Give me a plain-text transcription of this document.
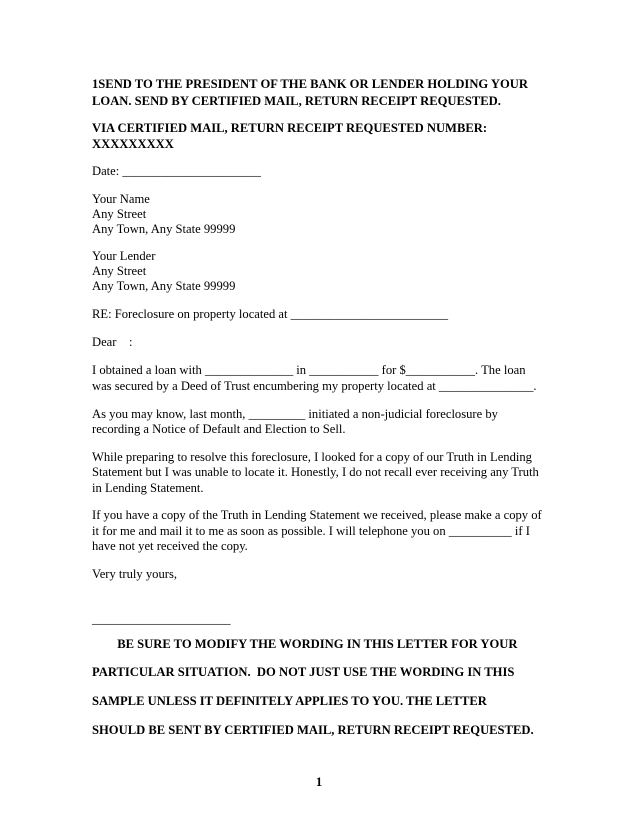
1SEND TO THE PRESIDENT OF THE BANK OR LENDER HOLDING YOUR

LOAN. SEND BY CERTIFIED MAIL, RETURN RECEIPT REQUESTED.

VIA CERTIFIED MAIL, RETURN RECEIPT REQUESTED NUMBER:

XXXXXXXXX

Date: ______________________

Your Name

Any Street

Any Town, Any State 99999

Your Lender

Any Street

Any Town, Any State 99999

RE: Foreclosure on property located at _________________________

Dear    :

I obtained a loan with ______________ in ___________ for $___________. The loan

was secured by a Deed of Trust encumbering my property located at _______________.

As you may know, last month, _________ initiated a non-judicial foreclosure by

recording a Notice of Default and Election to Sell.

While preparing to resolve this foreclosure, I looked for a copy of our Truth in Lending

Statement but I was unable to locate it. Honestly, I do not recall ever receiving any Truth

in Lending Statement.

If you have a copy of the Truth in Lending Statement we received, please make a copy of

it for me and mail it to me as soon as possible. I will telephone you on __________ if I

have not yet received the copy.

Very truly yours,

______________________

BE SURE TO MODIFY THE WORDING IN THIS LETTER FOR YOUR

PARTICULAR SITUATION.  DO NOT JUST USE THE WORDING IN THIS

SAMPLE UNLESS IT DEFINITELY APPLIES TO YOU. THE LETTER

SHOULD BE SENT BY CERTIFIED MAIL, RETURN RECEIPT REQUESTED.

1
